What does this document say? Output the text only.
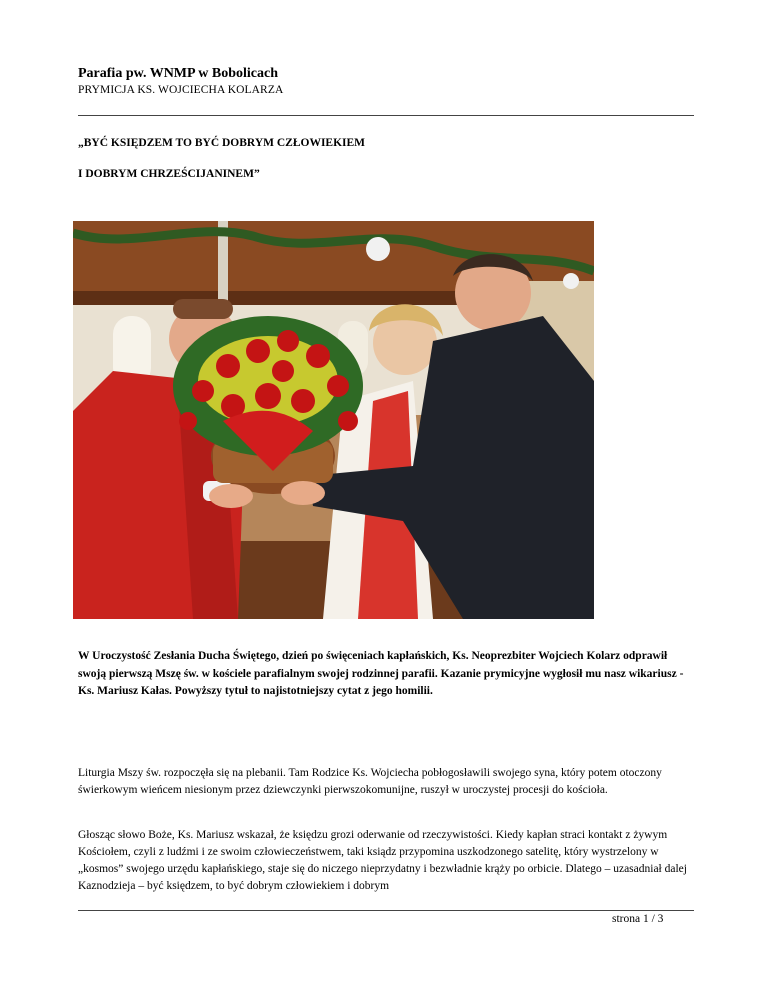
Parafia pw. WNMP w Bobolicach
PRYMICJA KS. WOJCIECHA KOLARZA
„BYĆ KSIĘDZEM TO BYĆ DOBRYM CZŁOWIEKIEM
I DOBRYM CHRZEŚCIJANINEM”
W Uroczystość Zesłania Ducha Świętego, dzień po święceniach kapłańskich, Ks. Neoprezbiter Wojciech Kolarz odprawił swoją pierwszą Mszę św. w kościele parafialnym swojej rodzinnej parafii. Kazanie prymicyjne wygłosił mu nasz wikariusz - Ks. Mariusz Kałas. Powyższy tytuł to najistotniejszy cytat z jego homilii.
Liturgia Mszy św. rozpoczęła się na plebanii. Tam Rodzice Ks. Wojciecha pobłogosławili swojego syna, który potem otoczony świerkowym wieńcem niesionym przez dziewczynki pierwszokomunijne, ruszył w uroczystej procesji do kościoła.
Głosząc słowo Boże, Ks. Mariusz wskazał, że księdzu grozi oderwanie od rzeczywistości. Kiedy kapłan straci kontakt z żywym Kościołem, czyli z ludźmi i ze swoim człowieczeństwem, taki ksiądz przypomina uszkodzonego satelitę, który wystrzelony w „kosmos” swojego urzędu kapłańskiego, staje się do niczego nieprzydatny i bezwładnie krąży po orbicie. Dlatego – uzasadniał dalej Kaznodzieja – być księdzem, to być dobrym człowiekiem i dobrym
strona 1 / 3
